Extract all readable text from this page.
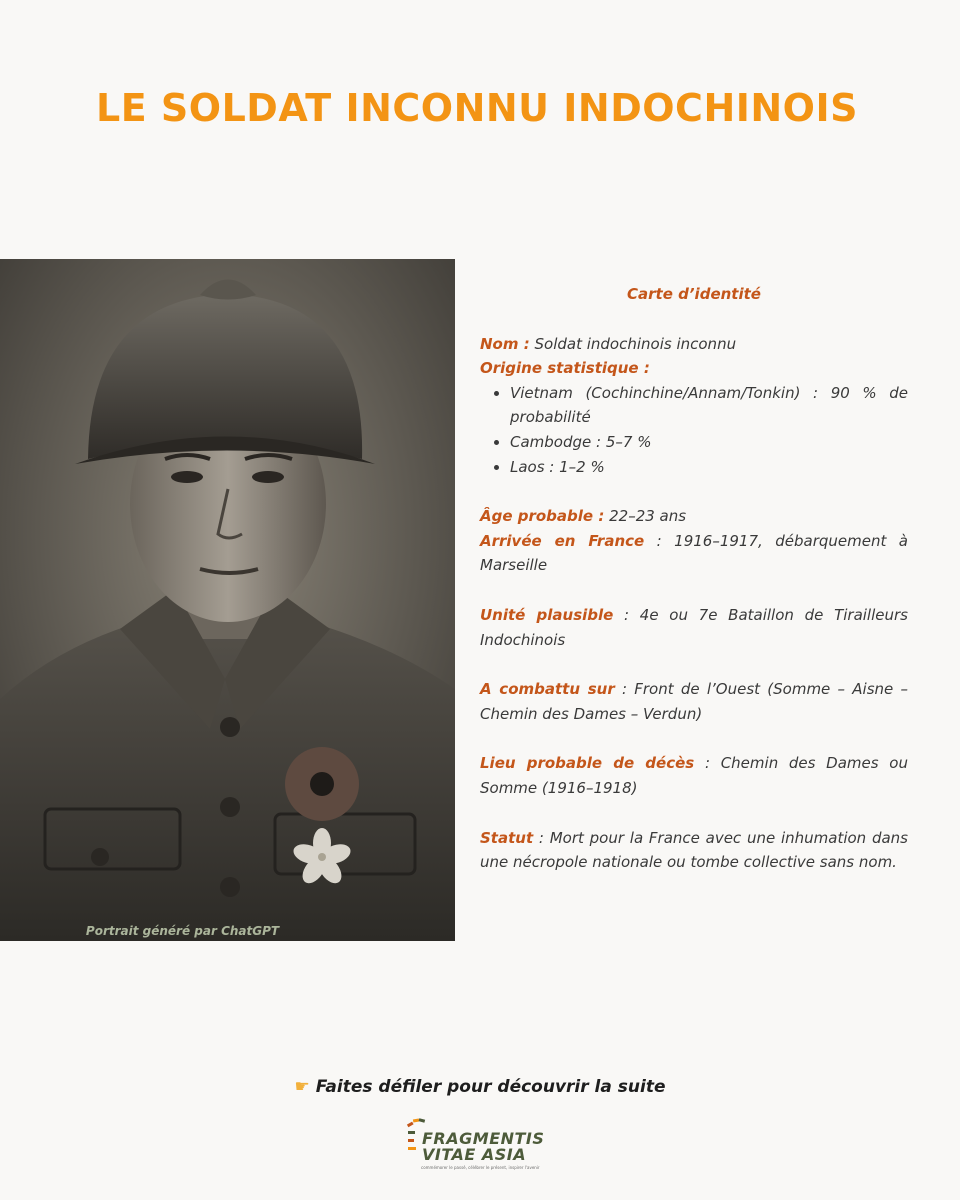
LE SOLDAT INCONNU INDOCHINOIS
Portrait généré par ChatGPT
Carte d’identité

Nom : Soldat indochinois inconnu

Origine statistique :

• Vietnam (Cochinchine/Annam/Tonkin) : 90 % de probabilité
• Cambodge : 5–7 %
• Laos : 1–2 %

Âge probable : 22–23 ans

Arrivée en France : 1916–1917, débarquement à Marseille

Unité plausible : 4e ou 7e Bataillon de Tirailleurs Indochinois

A combattu sur : Front de l’Ouest (Somme – Aisne – Chemin des Dames – Verdun)

Lieu probable de décès : Chemin des Dames ou Somme (1916–1918)

Statut : Mort pour la France avec une inhumation dans une nécropole nationale ou tombe collective sans nom.

☛ Faites défiler pour découvrir la suite
FRAGMENTIS
VITAE ASIA
commémorer le passé, célébrer le présent, inspirer l'avenir
